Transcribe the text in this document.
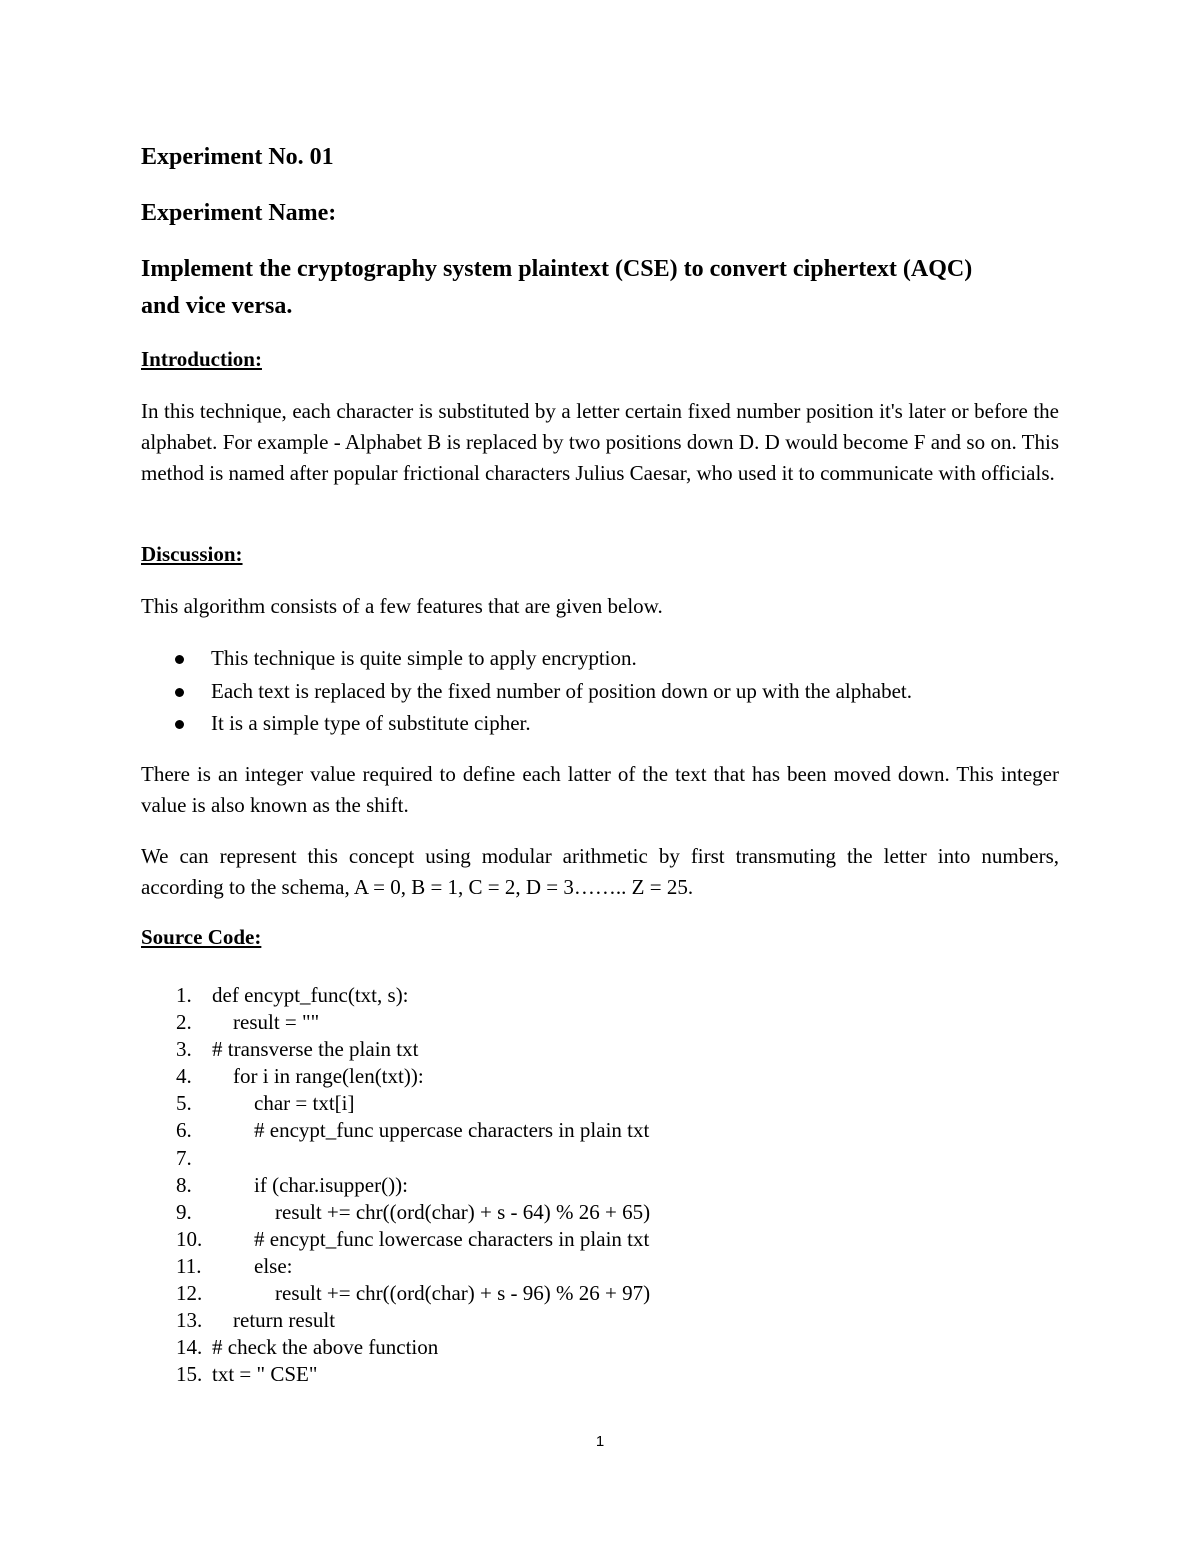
Experiment No. 01
Experiment Name:
Implement the cryptography system plaintext (CSE) to convert ciphertext (AQC)
and vice versa.
Introduction:
In this technique, each character is substituted by a letter certain fixed number position it's later or before the alphabet. For example - Alphabet B is replaced by two positions down D. D would become F and so on. This method is named after popular frictional characters Julius Caesar, who used it to communicate with officials.
Discussion:
This algorithm consists of a few features that are given below.
This technique is quite simple to apply encryption.
Each text is replaced by the fixed number of position down or up with the alphabet.
It is a simple type of substitute cipher.
There is an integer value required to define each latter of the text that has been moved down. This integer value is also known as the shift.
We can represent this concept using modular arithmetic by first transmuting the letter into numbers, according to the schema, A = 0, B = 1, C = 2, D = 3…….. Z = 25.
Source Code:
1. def encypt_func(txt, s):
2.    result = ""
3. # transverse the plain txt
4.    for i in range(len(txt)):
5.        char = txt[i]
6.        # encypt_func uppercase characters in plain txt
7.
8.        if (char.isupper()):
9.            result += chr((ord(char) + s - 64) % 26 + 65)
10.        # encypt_func lowercase characters in plain txt
11.        else:
12.            result += chr((ord(char) + s - 96) % 26 + 97)
13.    return result
14. # check the above function
15. txt = " CSE"
1
